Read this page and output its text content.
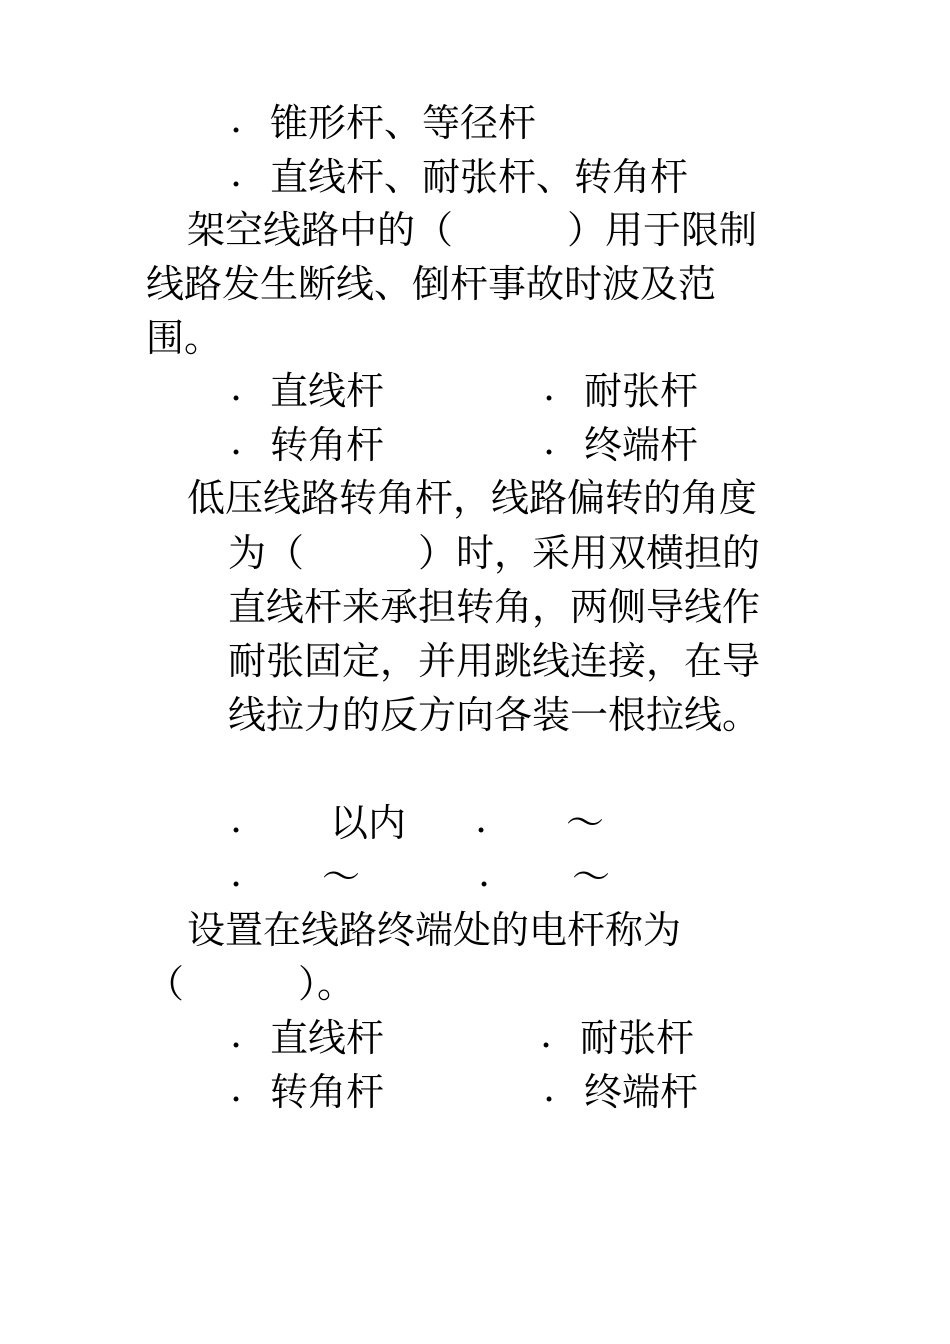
. 锥形杆、等径杆
. 直线杆、耐张杆、转角杆
架空线路中的（　　　）用于限制
线路发生断线、倒杆事故时波及范
围。
. 直线杆	. 耐张杆
. 转角杆	. 终端杆
低压线路转角杆，线路偏转的角度
为（　　　）时，采用双横担的
直线杆来承担转角，两侧导线作
耐张固定，并用跳线连接，在导
线拉力的反方向各装一根拉线。
. 以内 . ～
. ～	. ～
设置在线路终端处的电杆称为
（　　　）。
. 直线杆	. 耐张杆
. 转角杆	. 终端杆
